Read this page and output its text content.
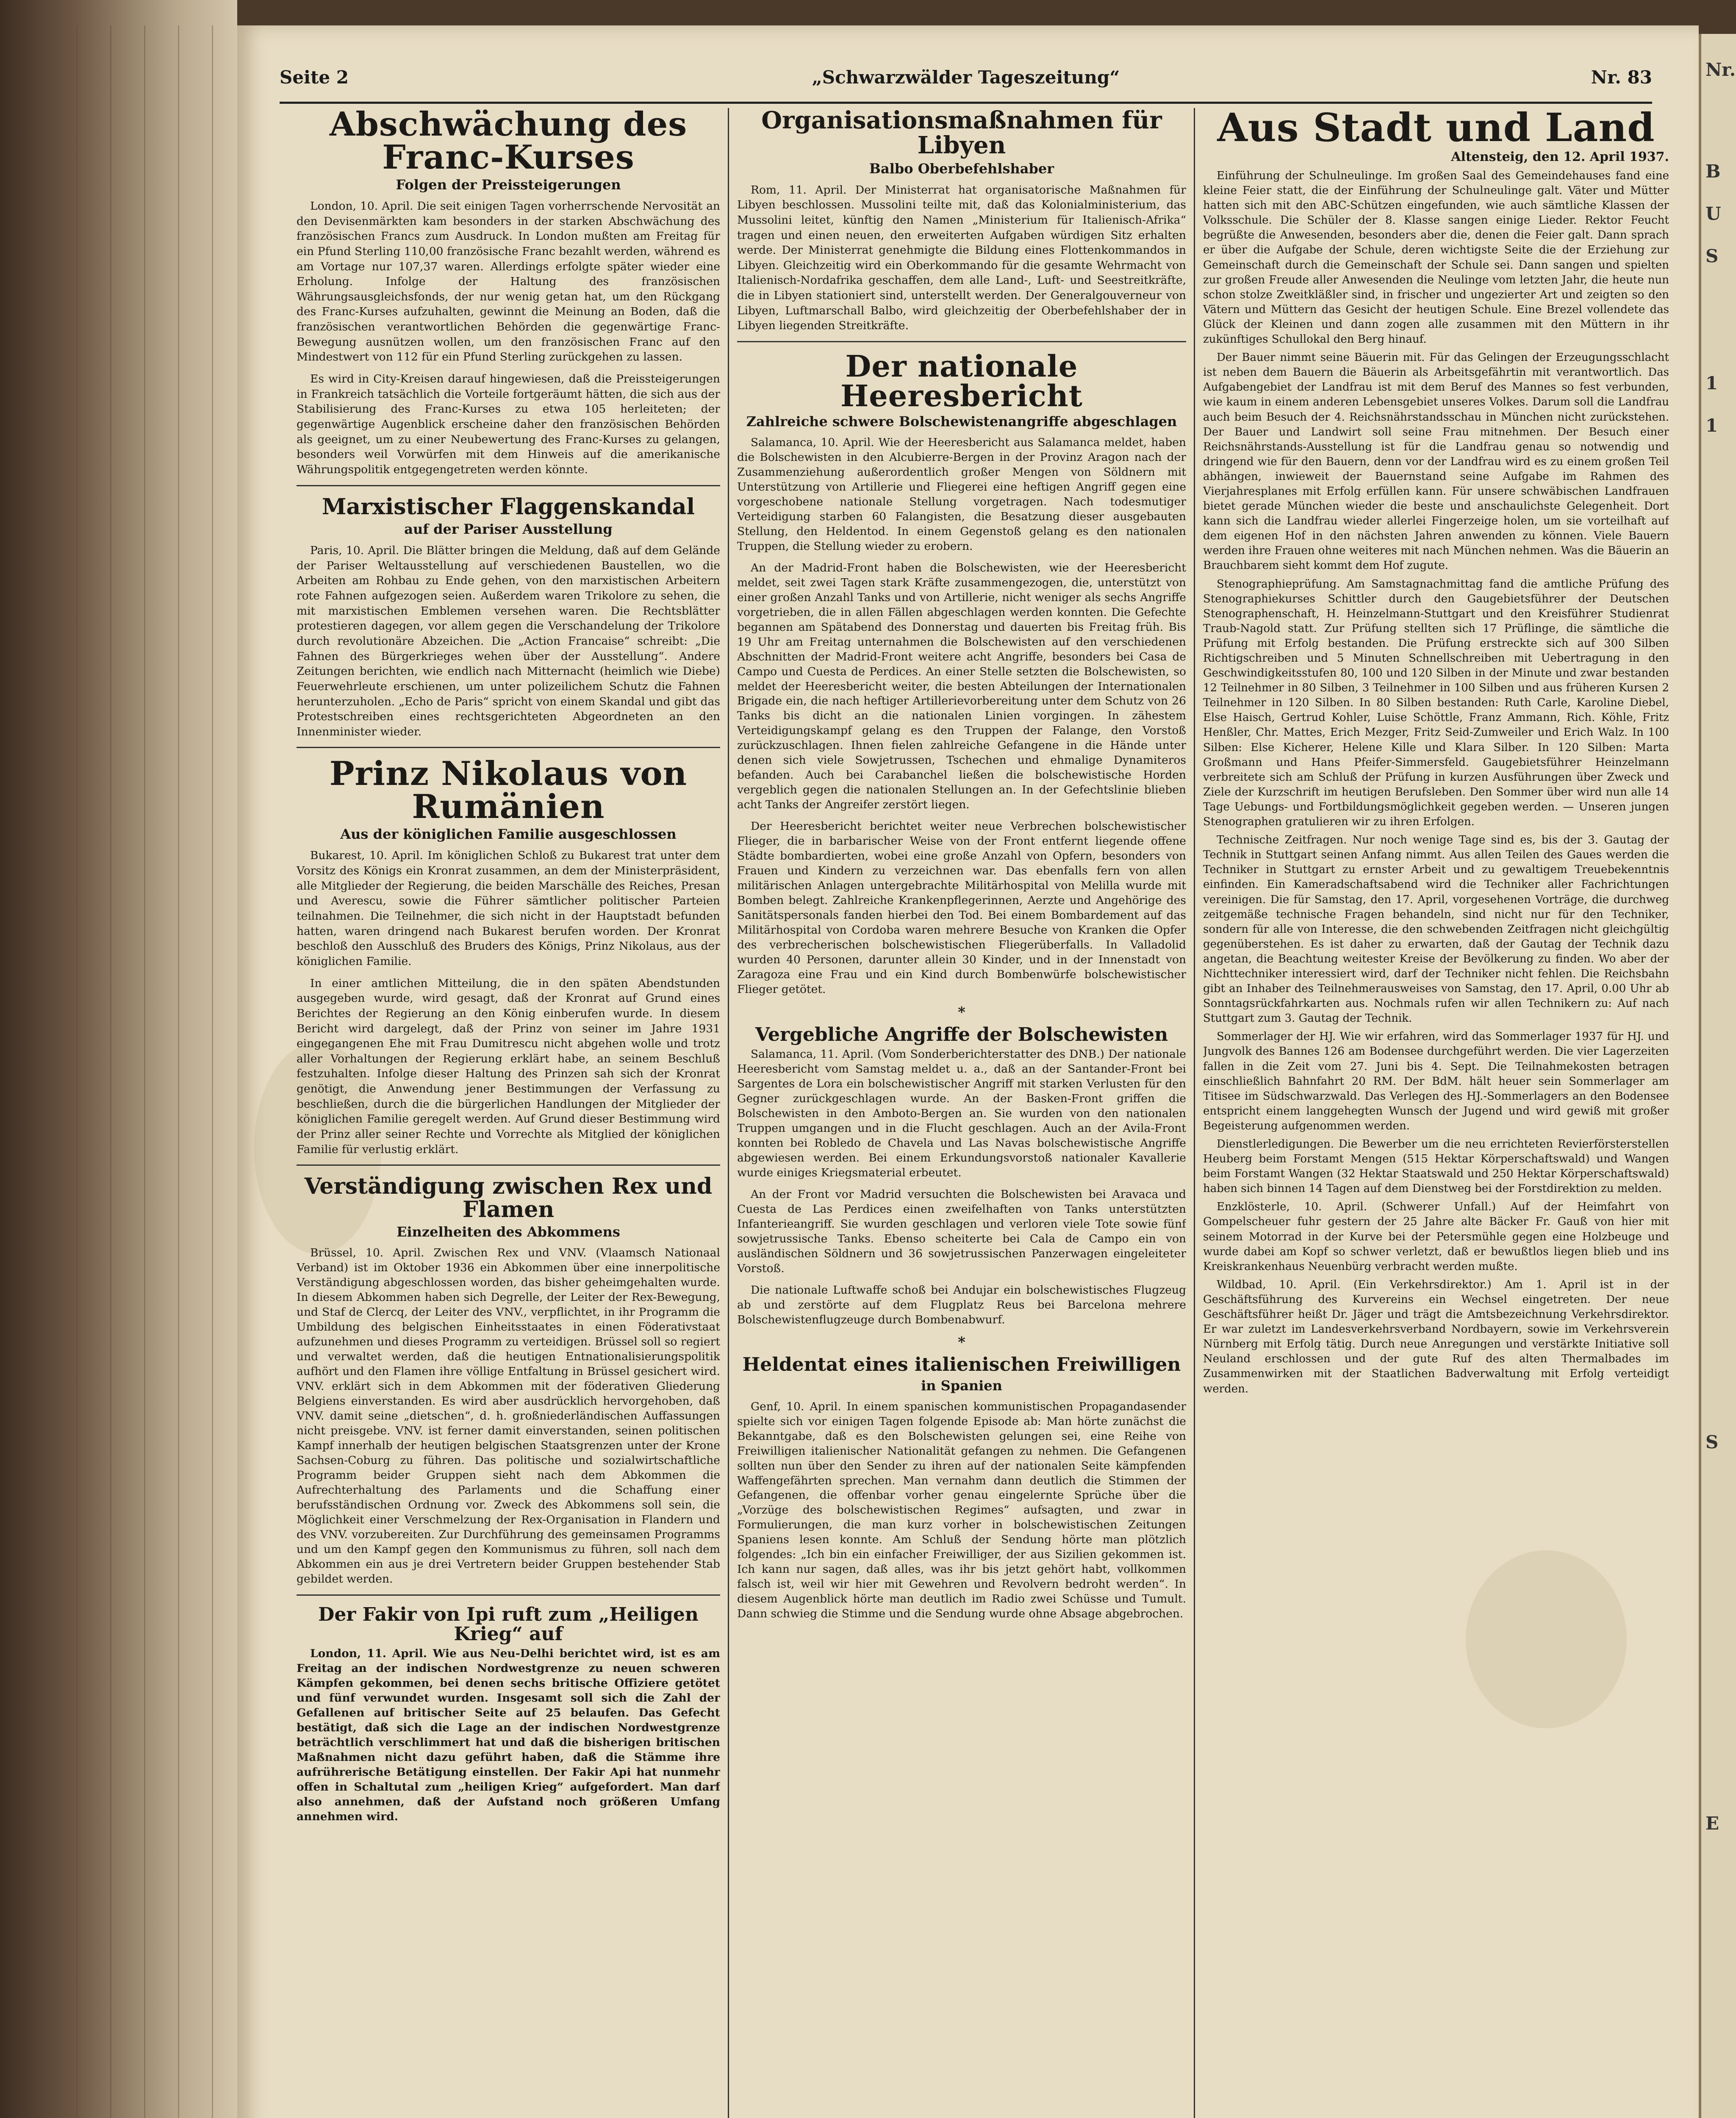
Nr.
B
U
S
1
1
S
E
„Schwarzwälder Tageszeitung“
Seite 2	Nr. 83
Abschwächung des Franc-Kurses
Folgen der Preissteigerungen

London, 10. April. Die seit einigen Tagen vorherrschende Nervosität an den Devisenmärkten kam besonders in der starken Abschwächung des französischen Francs zum Ausdruck. In London mußten am Freitag für ein Pfund Sterling 110,00 französische Franc bezahlt werden, während es am Vortage nur 107,37 waren. Allerdings erfolgte später wieder eine Erholung. Infolge der Haltung des französischen Währungsausgleichsfonds, der nur wenig getan hat, um den Rückgang des Franc-Kurses aufzuhalten, gewinnt die Meinung an Boden, daß die französischen verantwortlichen Behörden die gegenwärtige Franc-Bewegung ausnützen wollen, um den französischen Franc auf den Mindestwert von 112 für ein Pfund Sterling zurückgehen zu lassen.

Es wird in City-Kreisen darauf hingewiesen, daß die Preissteigerungen in Frankreich tatsächlich die Vorteile fortgeräumt hätten, die sich aus der Stabilisierung des Franc-Kurses zu etwa 105 herleiteten; der gegenwärtige Augenblick erscheine daher den französischen Behörden als geeignet, um zu einer Neubewertung des Franc-Kurses zu gelangen, besonders weil Vorwürfen mit dem Hinweis auf die amerikanische Währungspolitik entgegengetreten werden könnte.

Marxistischer Flaggenskandal
auf der Pariser Ausstellung

Paris, 10. April. Die Blätter bringen die Meldung, daß auf dem Gelände der Pariser Weltausstellung auf verschiedenen Baustellen, wo die Arbeiten am Rohbau zu Ende gehen, von den marxistischen Arbeitern rote Fahnen aufgezogen seien. Außerdem waren Trikolore zu sehen, die mit marxistischen Emblemen versehen waren. Die Rechtsblätter protestieren dagegen, vor allem gegen die Verschandelung der Trikolore durch revolutionäre Abzeichen. Die „Action Francaise“ schreibt: „Die Fahnen des Bürgerkrieges wehen über der Ausstellung“. Andere Zeitungen berichten, wie endlich nach Mitternacht (heimlich wie Diebe) Feuerwehrleute erschienen, um unter polizeilichem Schutz die Fahnen herunterzuholen. „Echo de Paris“ spricht von einem Skandal und gibt das Protestschreiben eines rechtsgerichteten Abgeordneten an den Innenminister wieder.

Prinz Nikolaus von Rumänien
Aus der königlichen Familie ausgeschlossen

Bukarest, 10. April. Im königlichen Schloß zu Bukarest trat unter dem Vorsitz des Königs ein Kronrat zusammen, an dem der Ministerpräsident, alle Mitglieder der Regierung, die beiden Marschälle des Reiches, Presan und Averescu, sowie die Führer sämtlicher politischer Parteien teilnahmen. Die Teilnehmer, die sich nicht in der Hauptstadt befunden hatten, waren dringend nach Bukarest berufen worden. Der Kronrat beschloß den Ausschluß des Bruders des Königs, Prinz Nikolaus, aus der königlichen Familie.

In einer amtlichen Mitteilung, die in den späten Abendstunden ausgegeben wurde, wird gesagt, daß der Kronrat auf Grund eines Berichtes der Regierung an den König einberufen wurde. In diesem Bericht wird dargelegt, daß der Prinz von seiner im Jahre 1931 eingegangenen Ehe mit Frau Dumitrescu nicht abgehen wolle und trotz aller Vorhaltungen der Regierung erklärt habe, an seinem Beschluß festzuhalten. Infolge dieser Haltung des Prinzen sah sich der Kronrat genötigt, die Anwendung jener Bestimmungen der Verfassung zu beschließen, durch die die bürgerlichen Handlungen der Mitglieder der königlichen Familie geregelt werden. Auf Grund dieser Bestimmung wird der Prinz aller seiner Rechte und Vorrechte als Mitglied der königlichen Familie für verlustig erklärt.

Verständigung zwischen Rex und Flamen
Einzelheiten des Abkommens

Brüssel, 10. April. Zwischen Rex und VNV. (Vlaamsch Nationaal Verband) ist im Oktober 1936 ein Abkommen über eine innerpolitische Verständigung abgeschlossen worden, das bisher geheimgehalten wurde. In diesem Abkommen haben sich Degrelle, der Leiter der Rex-Bewegung, und Staf de Clercq, der Leiter des VNV., verpflichtet, in ihr Programm die Umbildung des belgischen Einheitsstaates in einen Föderativstaat aufzunehmen und dieses Programm zu verteidigen. Brüssel soll so regiert und verwaltet werden, daß die heutigen Entnationalisierungspolitik aufhört und den Flamen ihre völlige Entfaltung in Brüssel gesichert wird. VNV. erklärt sich in dem Abkommen mit der föderativen Gliederung Belgiens einverstanden. Es wird aber ausdrücklich hervorgehoben, daß VNV. damit seine „dietschen“, d. h. großniederländischen Auffassungen nicht preisgebe. VNV. ist ferner damit einverstanden, seinen politischen Kampf innerhalb der heutigen belgischen Staatsgrenzen unter der Krone Sachsen-Coburg zu führen. Das politische und sozialwirtschaftliche Programm beider Gruppen sieht nach dem Abkommen die Aufrechterhaltung des Parlaments und die Schaffung einer berufsständischen Ordnung vor. Zweck des Abkommens soll sein, die Möglichkeit einer Verschmelzung der Rex-Organisation in Flandern und des VNV. vorzubereiten. Zur Durchführung des gemeinsamen Programms und um den Kampf gegen den Kommunismus zu führen, soll nach dem Abkommen ein aus je drei Vertretern beider Gruppen bestehender Stab gebildet werden.

Der Fakir von Ipi ruft zum „Heiligen Krieg“ auf

London, 11. April. Wie aus Neu-Delhi berichtet wird, ist es am Freitag an der indischen Nordwestgrenze zu neuen schweren Kämpfen gekommen, bei denen sechs britische Offiziere getötet und fünf verwundet wurden. Insgesamt soll sich die Zahl der Gefallenen auf britischer Seite auf 25 belaufen. Das Gefecht bestätigt, daß sich die Lage an der indischen Nordwestgrenze beträchtlich verschlimmert hat und daß die bisherigen britischen Maßnahmen nicht dazu geführt haben, daß die Stämme ihre aufrührerische Betätigung einstellen. Der Fakir Api hat nunmehr offen in Schaltutal zum „heiligen Krieg“ aufgefordert. Man darf also annehmen, daß der Aufstand noch größeren Umfang annehmen wird.

Organisationsmaßnahmen für Libyen
Balbo Oberbefehlshaber

Rom, 11. April. Der Ministerrat hat organisatorische Maßnahmen für Libyen beschlossen. Mussolini teilte mit, daß das Kolonialministerium, das Mussolini leitet, künftig den Namen „Ministerium für Italienisch-Afrika“ tragen und einen neuen, den erweiterten Aufgaben würdigen Sitz erhalten werde. Der Ministerrat genehmigte die Bildung eines Flottenkommandos in Libyen. Gleichzeitig wird ein Oberkommando für die gesamte Wehrmacht von Italienisch-Nordafrika geschaffen, dem alle Land-, Luft- und Seestreitkräfte, die in Libyen stationiert sind, unterstellt werden. Der Generalgouverneur von Libyen, Luftmarschall Balbo, wird gleichzeitig der Oberbefehlshaber der in Libyen liegenden Streitkräfte.

Der nationale Heeresbericht
Zahlreiche schwere Bolschewistenangriffe abgeschlagen

Salamanca, 10. April. Wie der Heeresbericht aus Salamanca meldet, haben die Bolschewisten in den Alcubierre-Bergen in der Provinz Aragon nach der Zusammenziehung außerordentlich großer Mengen von Söldnern mit Unterstützung von Artillerie und Fliegerei eine heftigen Angriff gegen eine vorgeschobene nationale Stellung vorgetragen. Nach todesmutiger Verteidigung starben 60 Falangisten, die Besatzung dieser ausgebauten Stellung, den Heldentod. In einem Gegenstoß gelang es den nationalen Truppen, die Stellung wieder zu erobern.

An der Madrid-Front haben die Bolschewisten, wie der Heeresbericht meldet, seit zwei Tagen stark Kräfte zusammengezogen, die, unterstützt von einer großen Anzahl Tanks und von Artillerie, nicht weniger als sechs Angriffe vorgetrieben, die in allen Fällen abgeschlagen werden konnten. Die Gefechte begannen am Spätabend des Donnerstag und dauerten bis Freitag früh. Bis 19 Uhr am Freitag unternahmen die Bolschewisten auf den verschiedenen Abschnitten der Madrid-Front weitere acht Angriffe, besonders bei Casa de Campo und Cuesta de Perdices. An einer Stelle setzten die Bolschewisten, so meldet der Heeresbericht weiter, die besten Abteilungen der Internationalen Brigade ein, die nach heftiger Artillerievorbereitung unter dem Schutz von 26 Tanks bis dicht an die nationalen Linien vorgingen. In zähestem Verteidigungskampf gelang es den Truppen der Falange, den Vorstoß zurückzuschlagen. Ihnen fielen zahlreiche Gefangene in die Hände unter denen sich viele Sowjetrussen, Tschechen und ehmalige Dynamiteros befanden. Auch bei Carabanchel ließen die bolschewistische Horden vergeblich gegen die nationalen Stellungen an. In der Gefechtslinie blieben acht Tanks der Angreifer zerstört liegen.

Der Heeresbericht berichtet weiter neue Verbrechen bolschewistischer Flieger, die in barbarischer Weise von der Front entfernt liegende offene Städte bombardierten, wobei eine große Anzahl von Opfern, besonders von Frauen und Kindern zu verzeichnen war. Das ebenfalls fern von allen militärischen Anlagen untergebrachte Militärhospital von Melilla wurde mit Bomben belegt. Zahlreiche Krankenpflegerinnen, Aerzte und Angehörige des Sanitätspersonals fanden hierbei den Tod. Bei einem Bombardement auf das Militärhospital von Cordoba waren mehrere Besuche von Kranken die Opfer des verbrecherischen bolschewistischen Fliegerüberfalls. In Valladolid wurden 40 Personen, darunter allein 30 Kinder, und in der Innenstadt von Zaragoza eine Frau und ein Kind durch Bombenwürfe bolschewistischer Flieger getötet.

*
Vergebliche Angriffe der Bolschewisten

Salamanca, 11. April. (Vom Sonderberichterstatter des DNB.) Der nationale Heeresbericht vom Samstag meldet u. a., daß an der Santander-Front bei Sargentes de Lora ein bolschewistischer Angriff mit starken Verlusten für den Gegner zurückgeschlagen wurde. An der Basken-Front griffen die Bolschewisten in den Amboto-Bergen an. Sie wurden von den nationalen Truppen umgangen und in die Flucht geschlagen. Auch an der Avila-Front konnten bei Robledo de Chavela und Las Navas bolschewistische Angriffe abgewiesen werden. Bei einem Erkundungsvorstoß nationaler Kavallerie wurde einiges Kriegsmaterial erbeutet.

An der Front vor Madrid versuchten die Bolschewisten bei Aravaca und Cuesta de Las Perdices einen zweifelhaften von Tanks unterstützten Infanterieangriff. Sie wurden geschlagen und verloren viele Tote sowie fünf sowjetrussische Tanks. Ebenso scheiterte bei Cala de Campo ein von ausländischen Söldnern und 36 sowjetrussischen Panzerwagen eingeleiteter Vorstoß.

Die nationale Luftwaffe schoß bei Andujar ein bolschewistisches Flugzeug ab und zerstörte auf dem Flugplatz Reus bei Barcelona mehrere Bolschewistenflugzeuge durch Bombenabwurf.

*
Heldentat eines italienischen Freiwilligen
in Spanien

Genf, 10. April. In einem spanischen kommunistischen Propagandasender spielte sich vor einigen Tagen folgende Episode ab: Man hörte zunächst die Bekanntgabe, daß es den Bolschewisten gelungen sei, eine Reihe von Freiwilligen italienischer Nationalität gefangen zu nehmen. Die Gefangenen sollten nun über den Sender zu ihren auf der nationalen Seite kämpfenden Waffengefährten sprechen. Man vernahm dann deutlich die Stimmen der Gefangenen, die offenbar vorher genau eingelernte Sprüche über die „Vorzüge des bolschewistischen Regimes“ aufsagten, und zwar in Formulierungen, die man kurz vorher in bolschewistischen Zeitungen Spaniens lesen konnte. Am Schluß der Sendung hörte man plötzlich folgendes: „Ich bin ein einfacher Freiwilliger, der aus Sizilien gekommen ist. Ich kann nur sagen, daß alles, was ihr bis jetzt gehört habt, vollkommen falsch ist, weil wir hier mit Gewehren und Revolvern bedroht werden“. In diesem Augenblick hörte man deutlich im Radio zwei Schüsse und Tumult. Dann schwieg die Stimme und die Sendung wurde ohne Absage abgebrochen.

Aus Stadt und Land
Altensteig, den 12. April 1937.

Einführung der Schulneulinge. Im großen Saal des Gemeindehauses fand eine kleine Feier statt, die der Einführung der Schulneulinge galt. Väter und Mütter hatten sich mit den ABC-Schützen eingefunden, wie auch sämtliche Klassen der Volksschule. Die Schüler der 8. Klasse sangen einige Lieder. Rektor Feucht begrüßte die Anwesenden, besonders aber die, denen die Feier galt. Dann sprach er über die Aufgabe der Schule, deren wichtigste Seite die der Erziehung zur Gemeinschaft durch die Gemeinschaft der Schule sei. Dann sangen und spielten zur großen Freude aller Anwesenden die Neulinge vom letzten Jahr, die heute nun schon stolze Zweitkläßler sind, in frischer und ungezierter Art und zeigten so den Vätern und Müttern das Gesicht der heutigen Schule. Eine Brezel vollendete das Glück der Kleinen und dann zogen alle zusammen mit den Müttern in ihr zukünftiges Schullokal den Berg hinauf.

Der Bauer nimmt seine Bäuerin mit. Für das Gelingen der Erzeugungsschlacht ist neben dem Bauern die Bäuerin als Arbeitsgefährtin mit verantwortlich. Das Aufgabengebiet der Landfrau ist mit dem Beruf des Mannes so fest verbunden, wie kaum in einem anderen Lebensgebiet unseres Volkes. Darum soll die Landfrau auch beim Besuch der 4. Reichsnährstandsschau in München nicht zurückstehen. Der Bauer und Landwirt soll seine Frau mitnehmen. Der Besuch einer Reichsnährstands-Ausstellung ist für die Landfrau genau so notwendig und dringend wie für den Bauern, denn vor der Landfrau wird es zu einem großen Teil abhängen, inwieweit der Bauernstand seine Aufgabe im Rahmen des Vierjahresplanes mit Erfolg erfüllen kann. Für unsere schwäbischen Landfrauen bietet gerade München wieder die beste und anschaulichste Gelegenheit. Dort kann sich die Landfrau wieder allerlei Fingerzeige holen, um sie vorteilhaft auf dem eigenen Hof in den nächsten Jahren anwenden zu können. Viele Bauern werden ihre Frauen ohne weiteres mit nach München nehmen. Was die Bäuerin an Brauchbarem sieht kommt dem Hof zugute.

Stenographieprüfung. Am Samstagnachmittag fand die amtliche Prüfung des Stenographiekurses Schittler durch den Gaugebietsführer der Deutschen Stenographenschaft, H. Heinzelmann-Stuttgart und den Kreisführer Studienrat Traub-Nagold statt. Zur Prüfung stellten sich 17 Prüflinge, die sämtliche die Prüfung mit Erfolg bestanden. Die Prüfung erstreckte sich auf 300 Silben Richtigschreiben und 5 Minuten Schnellschreiben mit Uebertragung in den Geschwindigkeitsstufen 80, 100 und 120 Silben in der Minute und zwar bestanden 12 Teilnehmer in 80 Silben, 3 Teilnehmer in 100 Silben und aus früheren Kursen 2 Teilnehmer in 120 Silben. In 80 Silben bestanden: Ruth Carle, Karoline Diebel, Else Haisch, Gertrud Kohler, Luise Schöttle, Franz Ammann, Rich. Köhle, Fritz Henßler, Chr. Mattes, Erich Mezger, Fritz Seid-Zumweiler und Erich Walz. In 100 Silben: Else Kicherer, Helene Kille und Klara Silber. In 120 Silben: Marta Großmann und Hans Pfeifer-Simmersfeld. Gaugebietsführer Heinzelmann verbreitete sich am Schluß der Prüfung in kurzen Ausführungen über Zweck und Ziele der Kurzschrift im heutigen Berufsleben. Den Sommer über wird nun alle 14 Tage Uebungs- und Fortbildungsmöglichkeit gegeben werden. — Unseren jungen Stenographen gratulieren wir zu ihren Erfolgen.

Technische Zeitfragen. Nur noch wenige Tage sind es, bis der 3. Gautag der Technik in Stuttgart seinen Anfang nimmt. Aus allen Teilen des Gaues werden die Techniker in Stuttgart zu ernster Arbeit und zu gewaltigem Treuebekenntnis einfinden. Ein Kameradschaftsabend wird die Techniker aller Fachrichtungen vereinigen. Die für Samstag, den 17. April, vorgesehenen Vorträge, die durchweg zeitgemäße technische Fragen behandeln, sind nicht nur für den Techniker, sondern für alle von Interesse, die den schwebenden Zeitfragen nicht gleichgültig gegenüberstehen. Es ist daher zu erwarten, daß der Gautag der Technik dazu angetan, die Beachtung weitester Kreise der Bevölkerung zu finden. Wo aber der Nichttechniker interessiert wird, darf der Techniker nicht fehlen. Die Reichsbahn gibt an Inhaber des Teilnehmerausweises von Samstag, den 17. April, 0.00 Uhr ab Sonntagsrückfahrkarten aus. Nochmals rufen wir allen Technikern zu: Auf nach Stuttgart zum 3. Gautag der Technik.

Sommerlager der HJ. Wie wir erfahren, wird das Sommerlager 1937 für HJ. und Jungvolk des Bannes 126 am Bodensee durchgeführt werden. Die vier Lagerzeiten fallen in die Zeit vom 27. Juni bis 4. Sept. Die Teilnahmekosten betragen einschließlich Bahnfahrt 20 RM. Der BdM. hält heuer sein Sommerlager am Titisee im Südschwarzwald. Das Verlegen des HJ.-Sommerlagers an den Bodensee entspricht einem langgehegten Wunsch der Jugend und wird gewiß mit großer Begeisterung aufgenommen werden.

Dienstlerledigungen. Die Bewerber um die neu errichteten Revierförsterstellen Heuberg beim Forstamt Mengen (515 Hektar Körperschaftswald) und Wangen beim Forstamt Wangen (32 Hektar Staatswald und 250 Hektar Körperschaftswald) haben sich binnen 14 Tagen auf dem Dienstweg bei der Forstdirektion zu melden.

Enzklösterle, 10. April. (Schwerer Unfall.) Auf der Heimfahrt von Gompelscheuer fuhr gestern der 25 Jahre alte Bäcker Fr. Gauß von hier mit seinem Motorrad in der Kurve bei der Petersmühle gegen eine Holzbeuge und wurde dabei am Kopf so schwer verletzt, daß er bewußtlos liegen blieb und ins Kreiskrankenhaus Neuenbürg verbracht werden mußte.

Wildbad, 10. April. (Ein Verkehrsdirektor.) Am 1. April ist in der Geschäftsführung des Kurvereins ein Wechsel eingetreten. Der neue Geschäftsführer heißt Dr. Jäger und trägt die Amtsbezeichnung Verkehrsdirektor. Er war zuletzt im Landesverkehrsverband Nordbayern, sowie im Verkehrsverein Nürnberg mit Erfolg tätig. Durch neue Anregungen und verstärkte Initiative soll Neuland erschlossen und der gute Ruf des alten Thermalbades im Zusammenwirken mit der Staatlichen Badverwaltung mit Erfolg verteidigt werden.
